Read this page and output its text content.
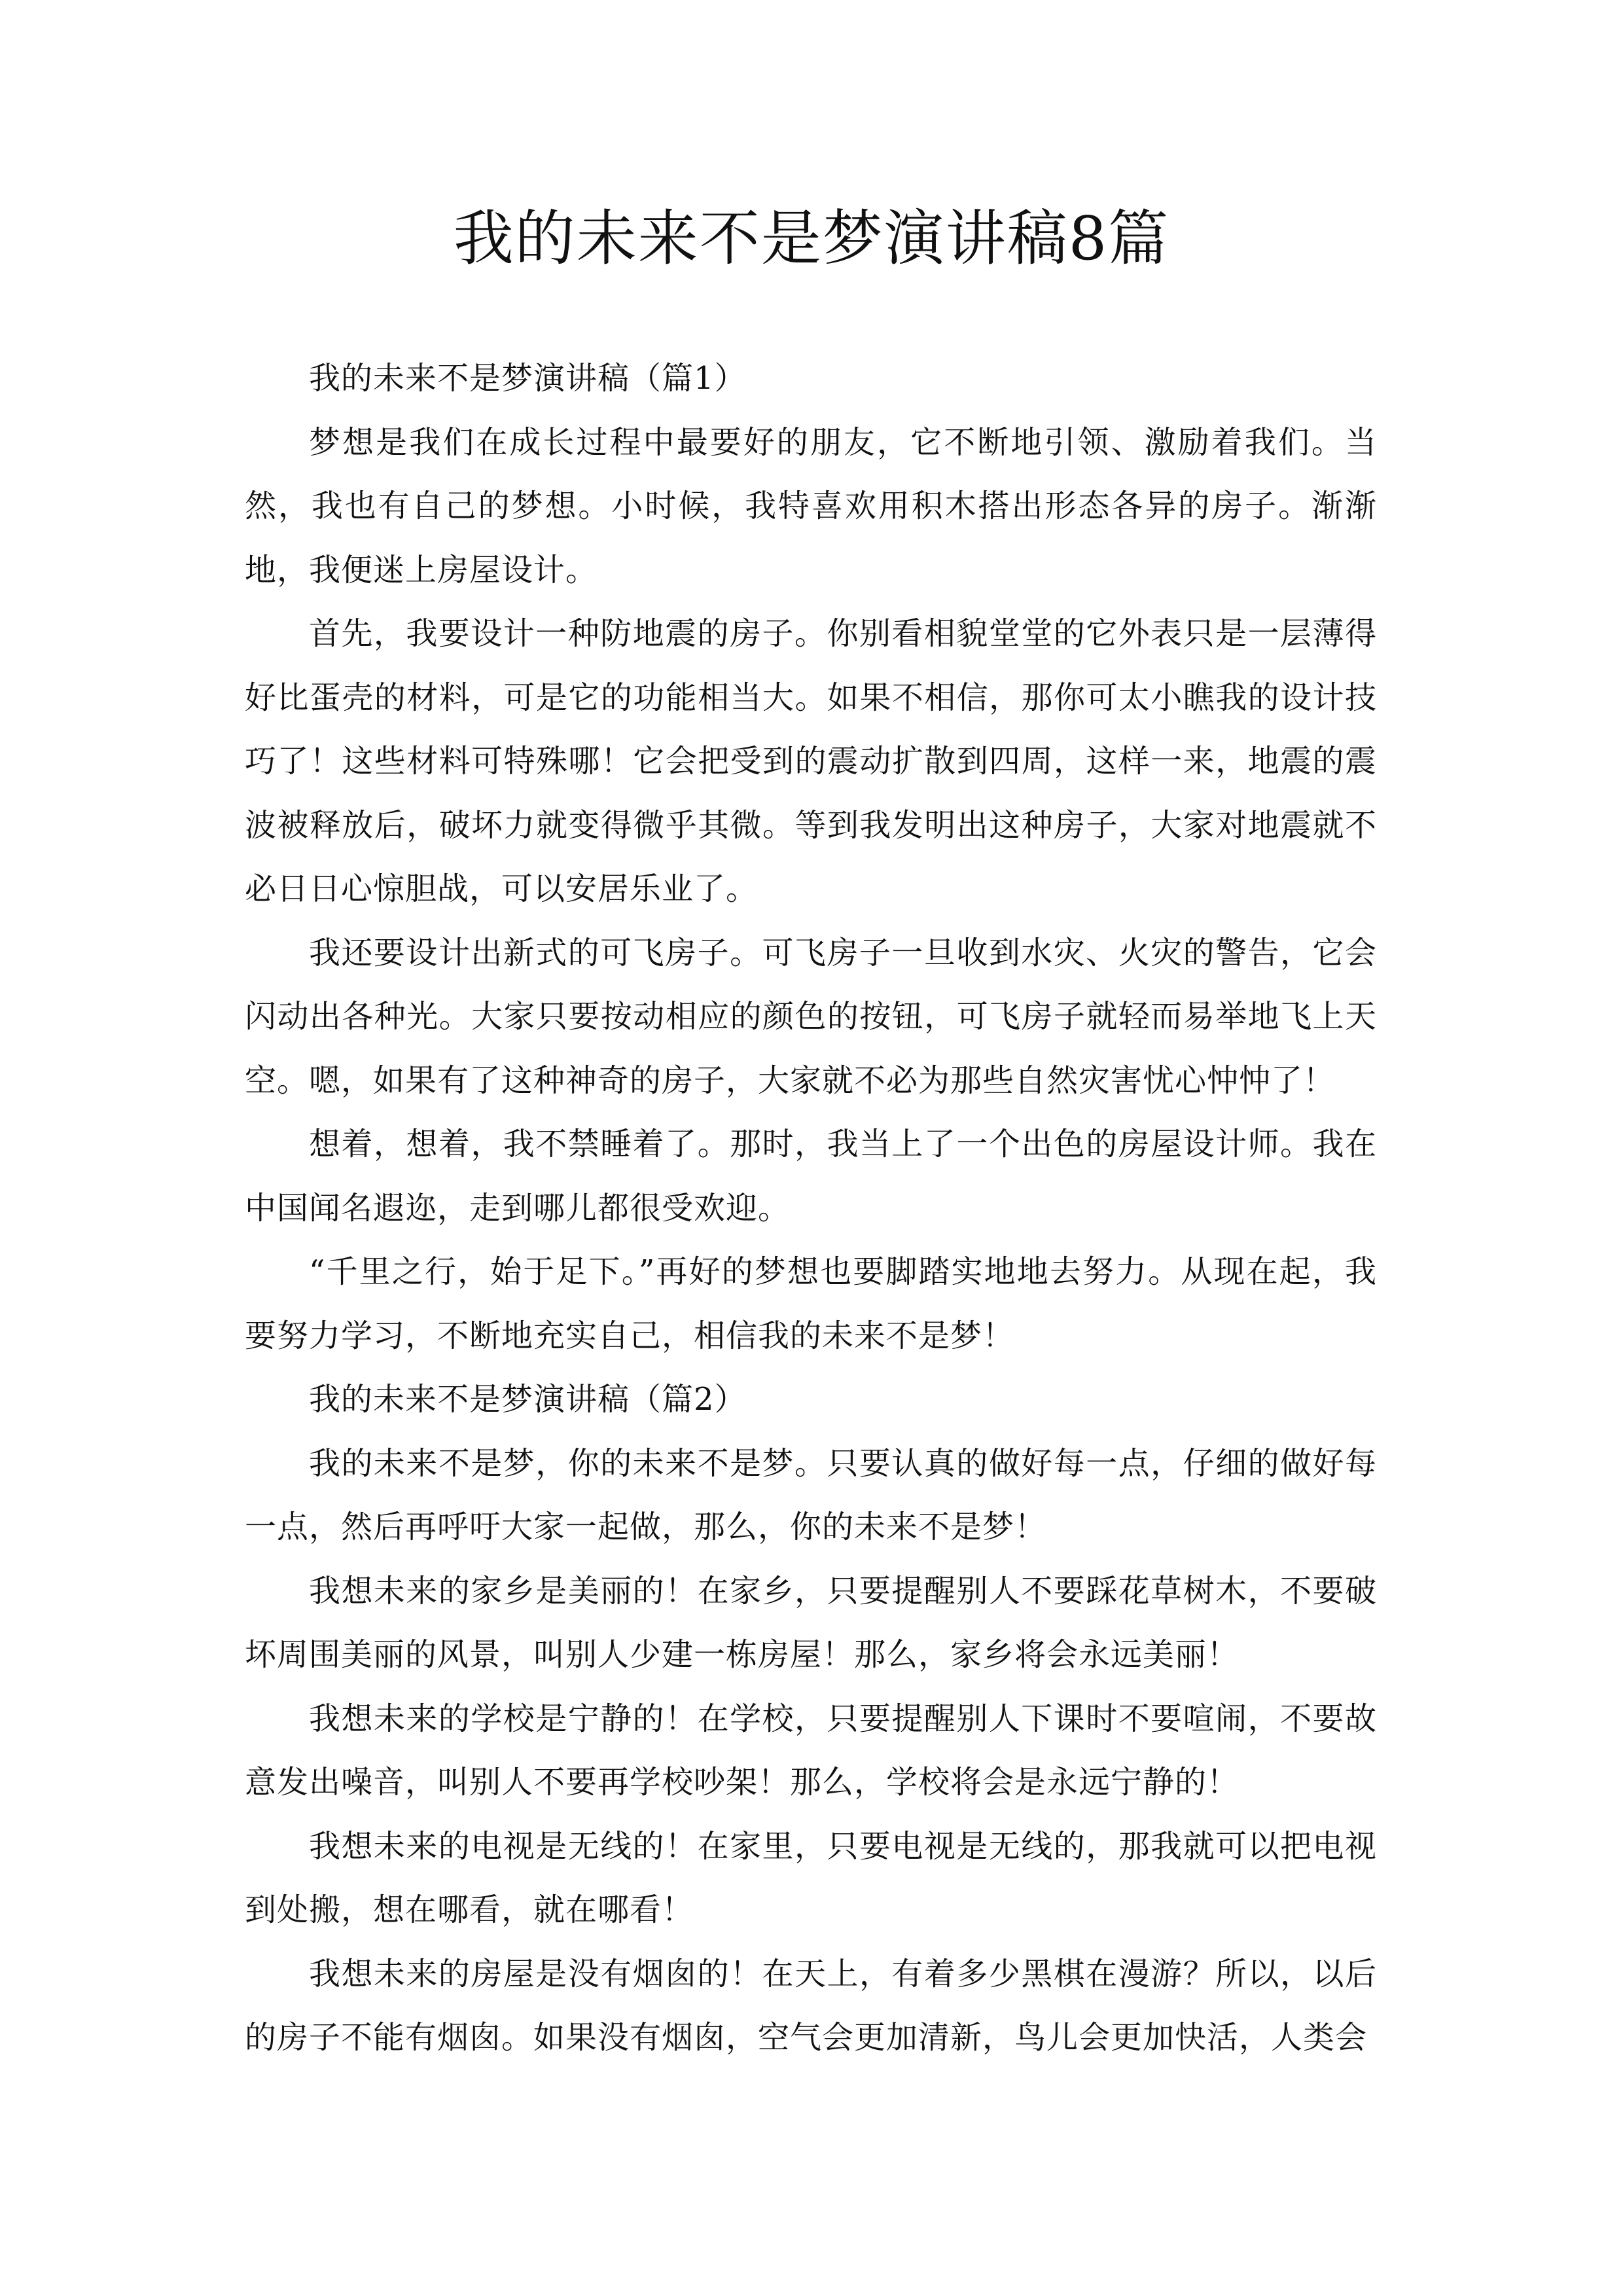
我的未来不是梦演讲稿8篇

我的未来不是梦演讲稿（篇1）

梦想是我们在成长过程中最要好的朋友，它不断地引领、激励着我们。当然，我也有自己的梦想。小时候，我特喜欢用积木搭出形态各异的房子。渐渐地，我便迷上房屋设计。

首先，我要设计一种防地震的房子。你别看相貌堂堂的它外表只是一层薄得好比蛋壳的材料，可是它的功能相当大。如果不相信，那你可太小瞧我的设计技巧了！这些材料可特殊哪！它会把受到的震动扩散到四周，这样一来，地震的震波被释放后，破坏力就变得微乎其微。等到我发明出这种房子，大家对地震就不必日日心惊胆战，可以安居乐业了。

我还要设计出新式的可飞房子。可飞房子一旦收到水灾、火灾的警告，它会闪动出各种光。大家只要按动相应的颜色的按钮，可飞房子就轻而易举地飞上天空。嗯，如果有了这种神奇的房子，大家就不必为那些自然灾害忧心忡忡了！

想着，想着，我不禁睡着了。那时，我当上了一个出色的房屋设计师。我在中国闻名遐迩，走到哪儿都很受欢迎。

“千里之行，始于足下。”再好的梦想也要脚踏实地地去努力。从现在起，我要努力学习，不断地充实自己，相信我的未来不是梦！

我的未来不是梦演讲稿（篇2）

我的未来不是梦，你的未来不是梦。只要认真的做好每一点，仔细的做好每一点，然后再呼吁大家一起做，那么，你的未来不是梦！

我想未来的家乡是美丽的！在家乡，只要提醒别人不要踩花草树木，不要破坏周围美丽的风景，叫别人少建一栋房屋！那么，家乡将会永远美丽！

我想未来的学校是宁静的！在学校，只要提醒别人下课时不要喧闹，不要故意发出噪音，叫别人不要再学校吵架！那么，学校将会是永远宁静的！

我想未来的电视是无线的！在家里，只要电视是无线的，那我就可以把电视到处搬，想在哪看，就在哪看！

我想未来的房屋是没有烟囱的！在天上，有着多少黑棋在漫游？所以，以后的房子不能有烟囱。如果没有烟囱，空气会更加清新，鸟儿会更加快活，人类会
